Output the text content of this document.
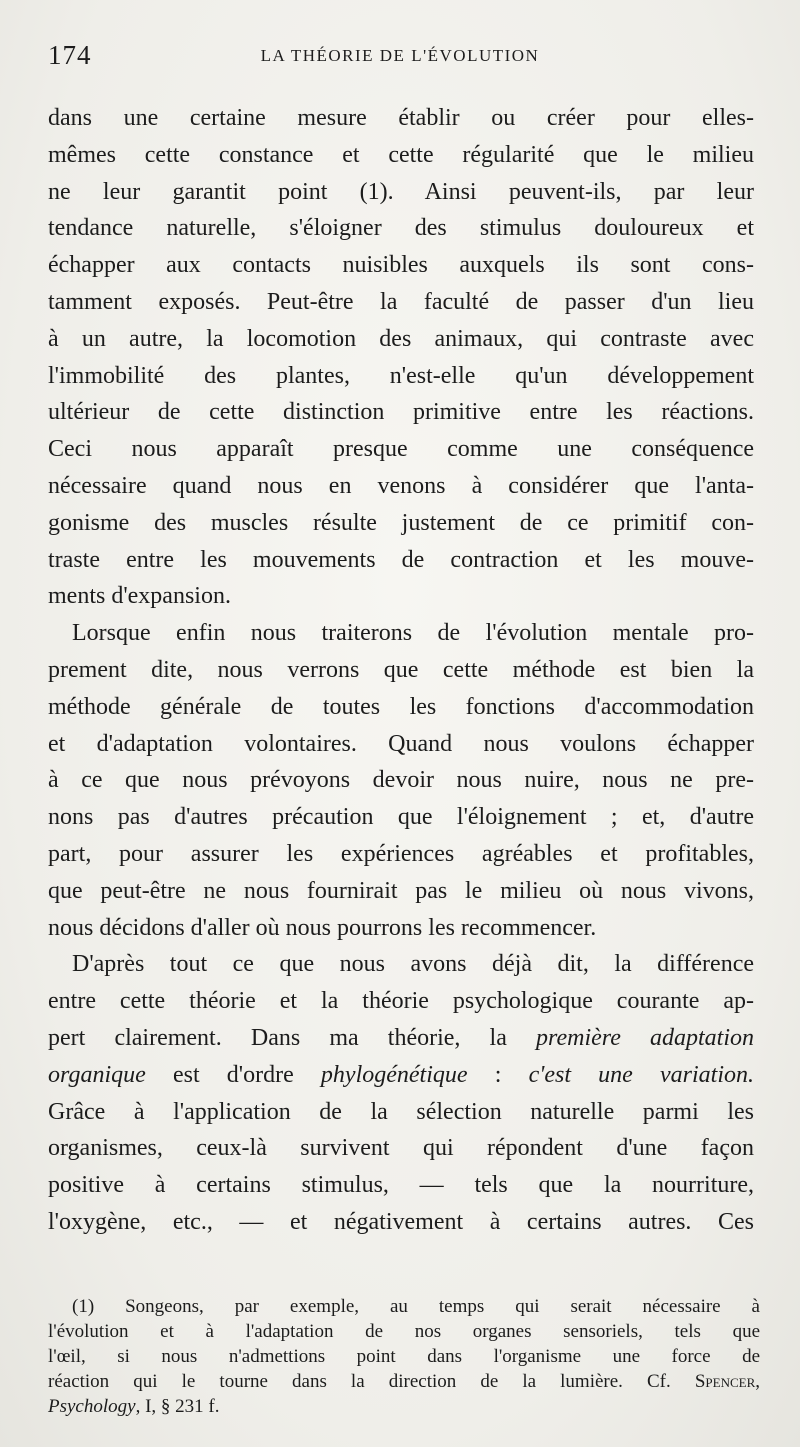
174	LA THÉORIE DE L'ÉVOLUTION
dans une certaine mesure établir ou créer pour elles-
mêmes cette constance et cette régularité que le milieu
ne leur garantit point (1). Ainsi peuvent-ils, par leur
tendance naturelle, s'éloigner des stimulus douloureux et
échapper aux contacts nuisibles auxquels ils sont cons-
tamment exposés. Peut-être la faculté de passer d'un lieu
à un autre, la locomotion des animaux, qui contraste avec
l'immobilité des plantes, n'est-elle qu'un développement
ultérieur de cette distinction primitive entre les réactions.
Ceci nous apparaît presque comme une conséquence
nécessaire quand nous en venons à considérer que l'anta-
gonisme des muscles résulte justement de ce primitif con-
traste entre les mouvements de contraction et les mouve-
ments d'expansion.
Lorsque enfin nous traiterons de l'évolution mentale pro-
prement dite, nous verrons que cette méthode est bien la
méthode générale de toutes les fonctions d'accommodation
et d'adaptation volontaires. Quand nous voulons échapper
à ce que nous prévoyons devoir nous nuire, nous ne pre-
nons pas d'autres précaution que l'éloignement ; et, d'autre
part, pour assurer les expériences agréables et profitables,
que peut-être ne nous fournirait pas le milieu où nous vivons,
nous décidons d'aller où nous pourrons les recommencer.
D'après tout ce que nous avons déjà dit, la différence
entre cette théorie et la théorie psychologique courante ap-
pert clairement. Dans ma théorie, la première adaptation
organique est d'ordre phylogénétique : c'est une variation.
Grâce à l'application de la sélection naturelle parmi les
organismes, ceux-là survivent qui répondent d'une façon
positive à certains stimulus, — tels que la nourriture,
l'oxygène, etc., — et négativement à certains autres. Ces
(1) Songeons, par exemple, au temps qui serait nécessaire à
l'évolution et à l'adaptation de nos organes sensoriels, tels que
l'œil, si nous n'admettions point dans l'organisme une force de
réaction qui le tourne dans la direction de la lumière. Cf. Spencer,
Psychology, I, § 231 f.
